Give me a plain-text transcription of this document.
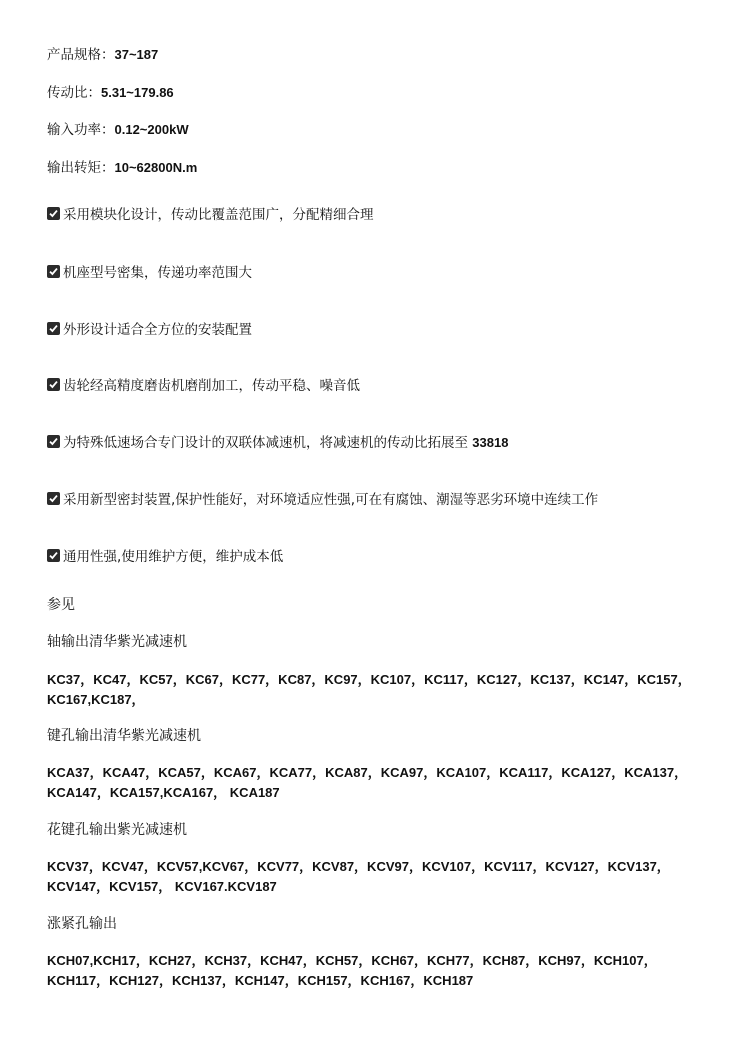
产品规格：37~187
传动比：5.31~179.86
输入功率：0.12~200kW
输出转矩：10~62800N.m
采用模块化设计，传动比覆盖范围广，分配精细合理
机座型号密集，传递功率范围大
外形设计适合全方位的安装配置
齿轮经高精度磨齿机磨削加工，传动平稳、噪音低
为特殊低速场合专门设计的双联体减速机，将减速机的传动比拓展至 33818
采用新型密封装置,保护性能好，对环境适应性强,可在有腐蚀、潮湿等恶劣环境中连续工作
通用性强,使用维护方便，维护成本低
参见
轴输出清华紫光减速机
KC37，KC47，KC57，KC67，KC77，KC87，KC97，KC107，KC117，KC127，KC137，KC147，KC157，KC167,KC187，
键孔输出清华紫光减速机
KCA37，KCA47，KCA57，KCA67，KCA77，KCA87，KCA97，KCA107，KCA117，KCA127，KCA137，KCA147，KCA157,KCA167， KCA187
花键孔输出紫光减速机
KCV37，KCV47，KCV57,KCV67，KCV77，KCV87，KCV97，KCV107，KCV117，KCV127，KCV137，KCV147，KCV157， KCV167.KCV187
涨紧孔输出
KCH07,KCH17，KCH27，KCH37，KCH47，KCH57，KCH67，KCH77，KCH87，KCH97，KCH107，KCH117，KCH127，KCH137，KCH147，KCH157，KCH167，KCH187
